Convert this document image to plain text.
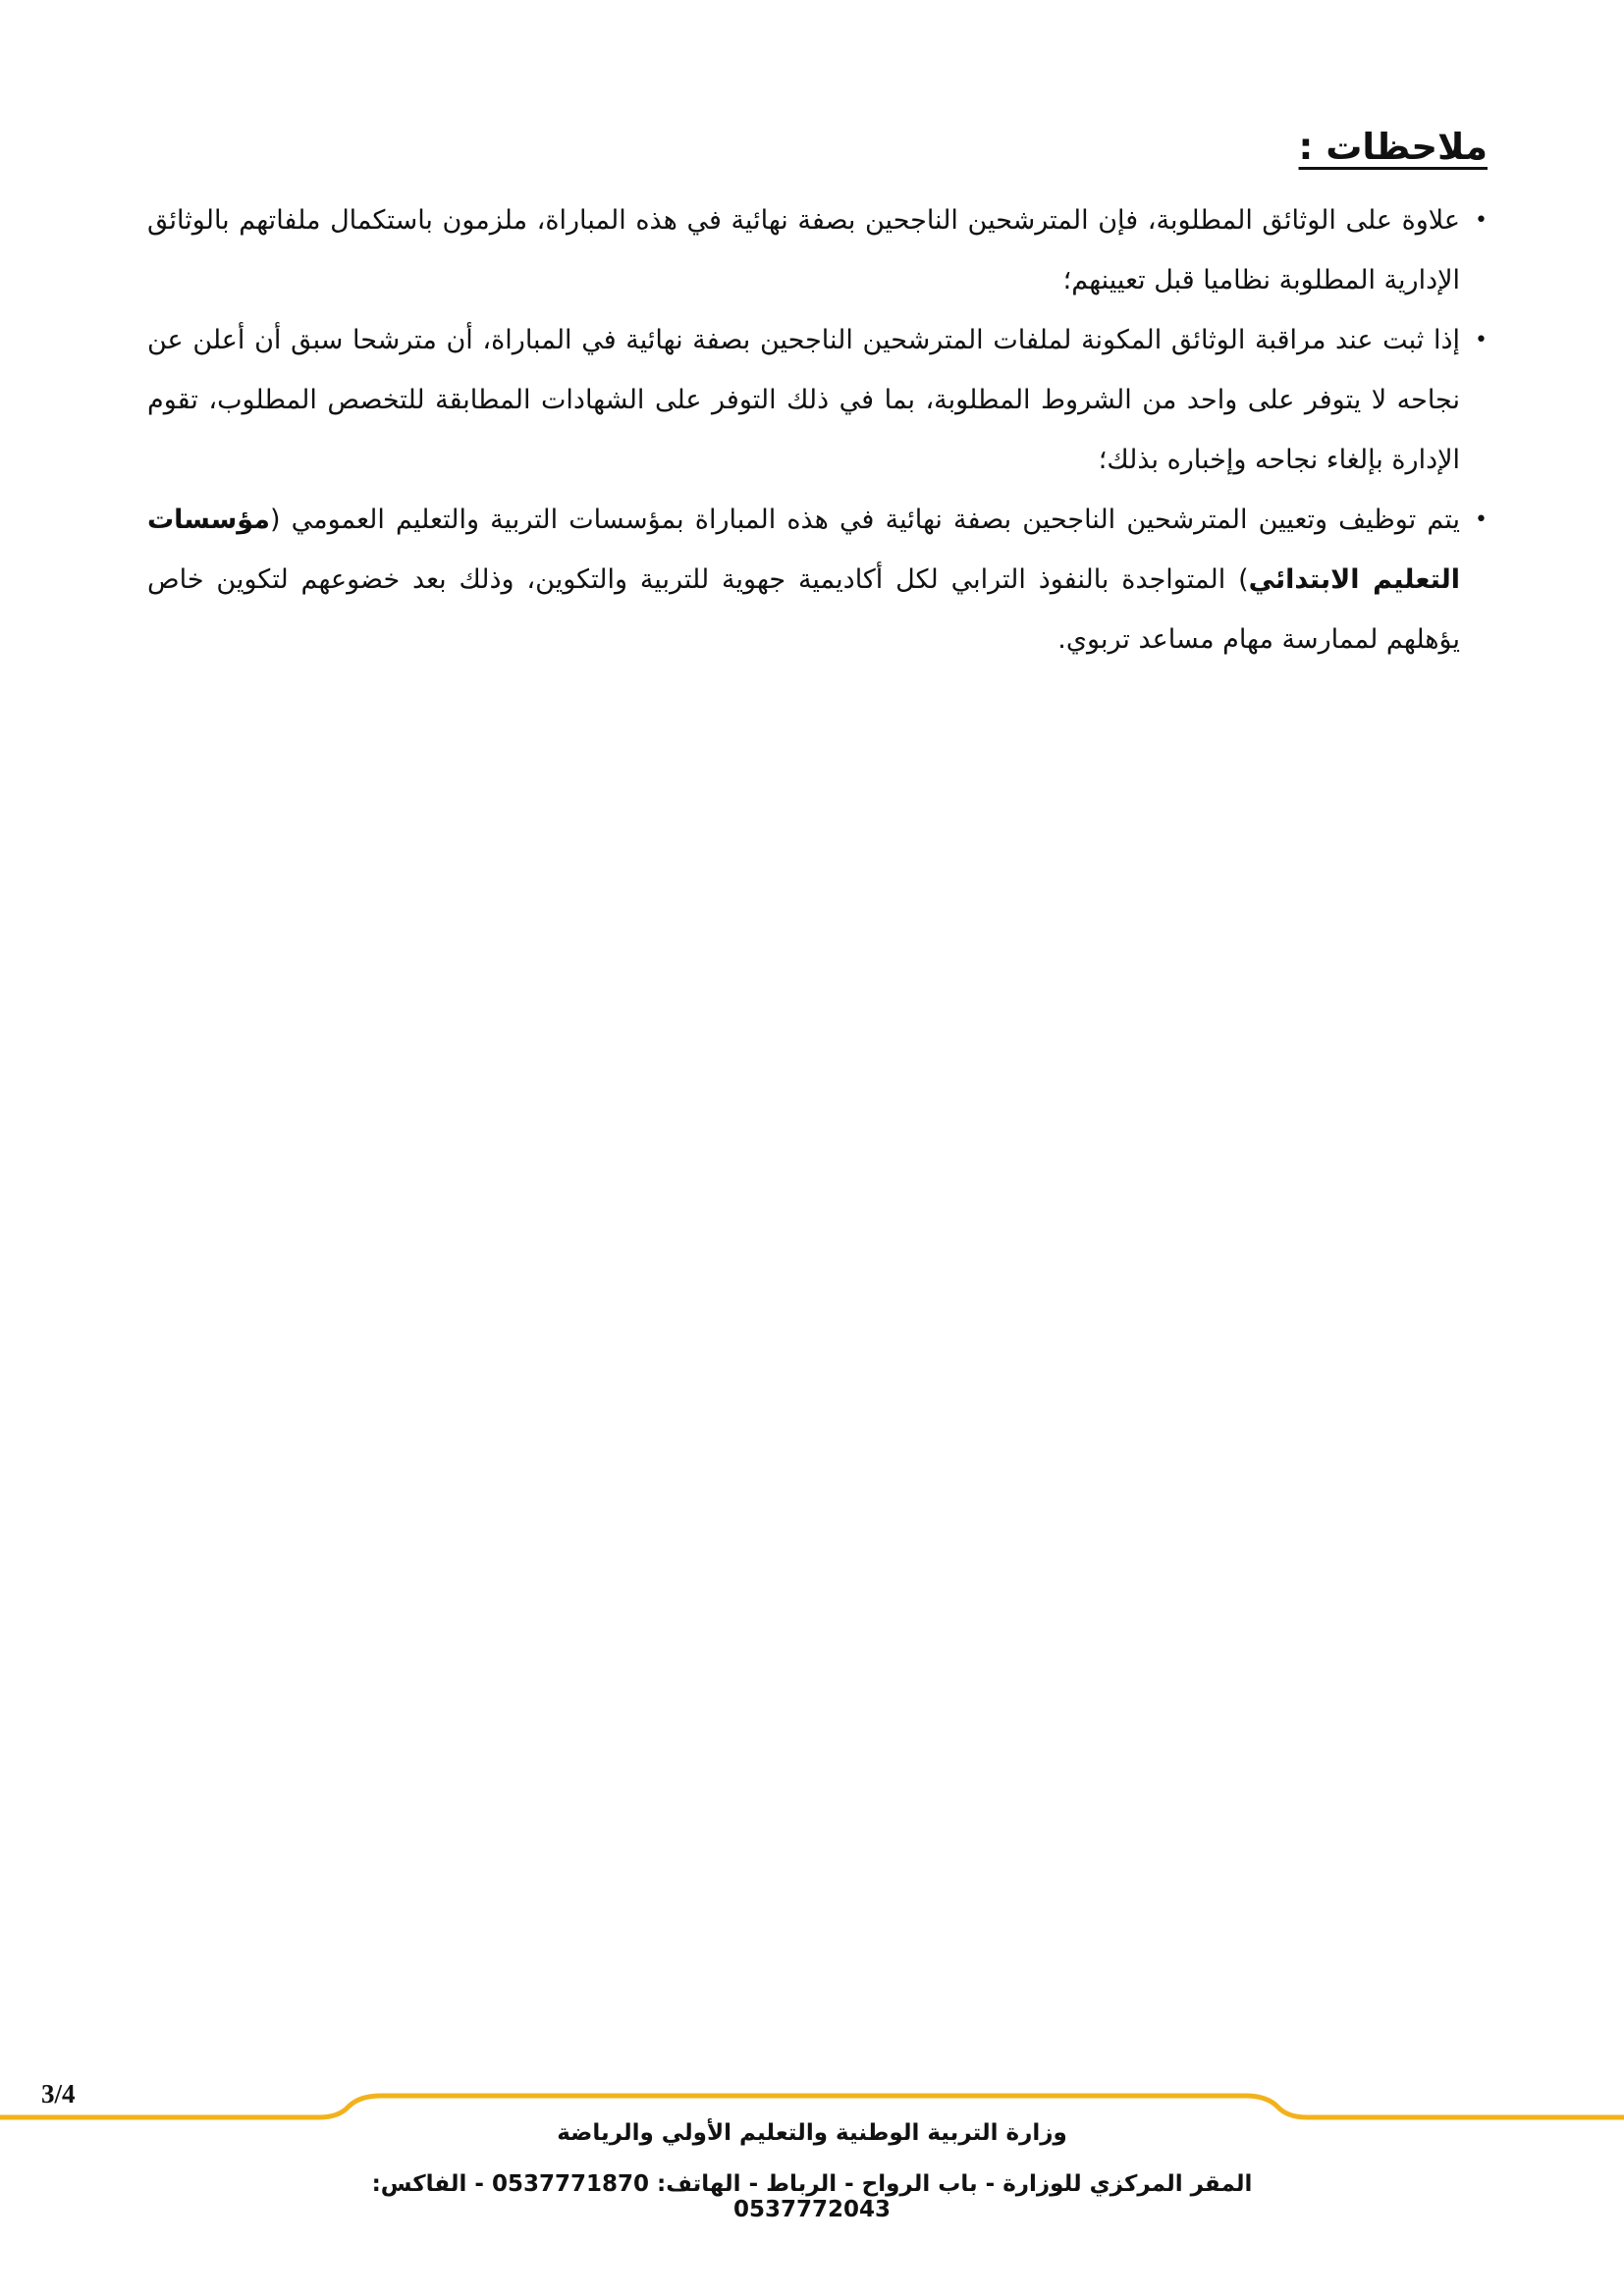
ملاحظات :
•
علاوة على الوثائق المطلوبة، فإن المترشحين الناجحين بصفة نهائية في هذه المباراة، ملزمون باستكمال ملفاتهم بالوثائق الإدارية المطلوبة نظاميا قبل تعيينهم؛
•
إذا ثبت عند مراقبة الوثائق المكونة لملفات المترشحين الناجحين بصفة نهائية في المباراة، أن مترشحا سبق أن أعلن عن نجاحه لا يتوفر على واحد من الشروط المطلوبة، بما في ذلك التوفر على الشهادات المطابقة للتخصص المطلوب، تقوم الإدارة بإلغاء نجاحه وإخباره بذلك؛
•
يتم توظيف وتعيين المترشحين الناجحين بصفة نهائية في هذه المباراة بمؤسسات التربية والتعليم العمومي (مؤسسات التعليم الابتدائي) المتواجدة بالنفوذ الترابي لكل أكاديمية جهوية للتربية والتكوين، وذلك بعد خضوعهم لتكوين خاص يؤهلهم لممارسة مهام مساعد تربوي.
3/4
وزارة التربية الوطنية والتعليم الأولي والرياضة
المقر المركزي للوزارة - باب الرواح - الرباط - الهاتف: 0537771870 - الفاكس: 0537772043
